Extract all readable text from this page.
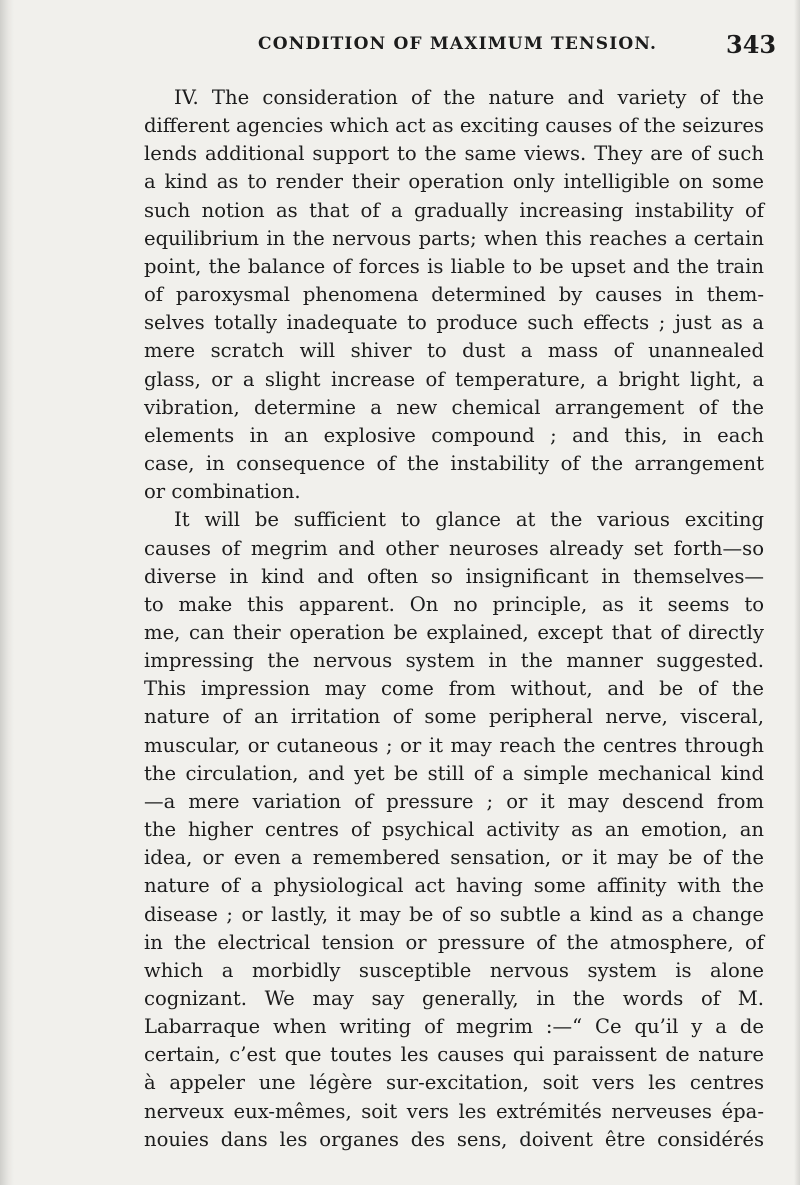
CONDITION OF MAXIMUM TENSION.	343
IV. The consideration of the nature and variety of the
different agencies which act as exciting causes of the seizures
lends additional support to the same views. They are of such
a kind as to render their operation only intelligible on some
such notion as that of a gradually increasing instability of
equilibrium in the nervous parts; when this reaches a certain
point, the balance of forces is liable to be upset and the train
of paroxysmal phenomena determined by causes in them-
selves totally inadequate to produce such effects ; just as a
mere scratch will shiver to dust a mass of unannealed
glass, or a slight increase of temperature, a bright light, a
vibration, determine a new chemical arrangement of the
elements in an explosive compound ; and this, in each
case, in consequence of the instability of the arrangement
or combination.
It will be sufficient to glance at the various exciting
causes of megrim and other neuroses already set forth—so
diverse in kind and often so insignificant in themselves—
to make this apparent. On no principle, as it seems to
me, can their operation be explained, except that of directly
impressing the nervous system in the manner suggested.
This impression may come from without, and be of the
nature of an irritation of some peripheral nerve, visceral,
muscular, or cutaneous ; or it may reach the centres through
the circulation, and yet be still of a simple mechanical kind
—a mere variation of pressure ; or it may descend from
the higher centres of psychical activity as an emotion, an
idea, or even a remembered sensation, or it may be of the
nature of a physiological act having some affinity with the
disease ; or lastly, it may be of so subtle a kind as a change
in the electrical tension or pressure of the atmosphere, of
which a morbidly susceptible nervous system is alone
cognizant. We may say generally, in the words of M.
Labarraque when writing of megrim :—“ Ce qu’il y a de
certain, c’est que toutes les causes qui paraissent de nature
à appeler une légère sur-excitation, soit vers les centres
nerveux eux-mêmes, soit vers les extrémités nerveuses épa-
nouies dans les organes des sens, doivent être considérés
